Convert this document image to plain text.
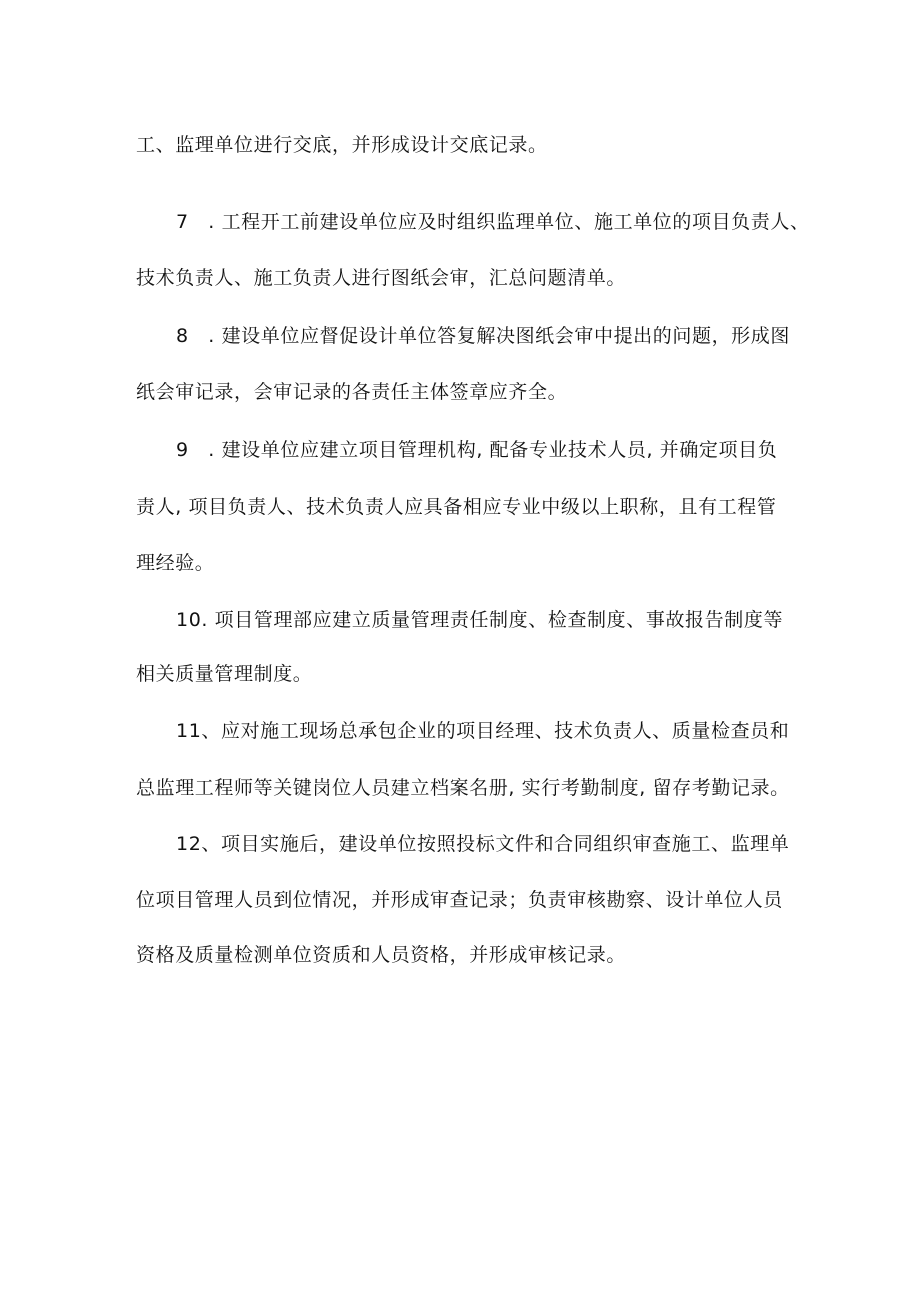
工、监理单位进行交底，并形成设计交底记录。
7　. 工程开工前建设单位应及时组织监理单位、施工单位的项目负责人、
技术负责人、施工负责人进行图纸会审，汇总问题清单。
8　. 建设单位应督促设计单位答复解决图纸会审中提出的问题，形成图
纸会审记录，会审记录的各责任主体签章应齐全。
9　. 建设单位应建立项目管理机构, 配备专业技术人员, 并确定项目负
责人, 项目负责人、技术负责人应具备相应专业中级以上职称，且有工程管
理经验。
10. 项目管理部应建立质量管理责任制度、检查制度、事故报告制度等
相关质量管理制度。
11、应对施工现场总承包企业的项目经理、技术负责人、质量检查员和
总监理工程师等关键岗位人员建立档案名册, 实行考勤制度, 留存考勤记录。
12、项目实施后，建设单位按照投标文件和合同组织审查施工、监理单
位项目管理人员到位情况，并形成审查记录；负责审核勘察、设计单位人员
资格及质量检测单位资质和人员资格，并形成审核记录。
